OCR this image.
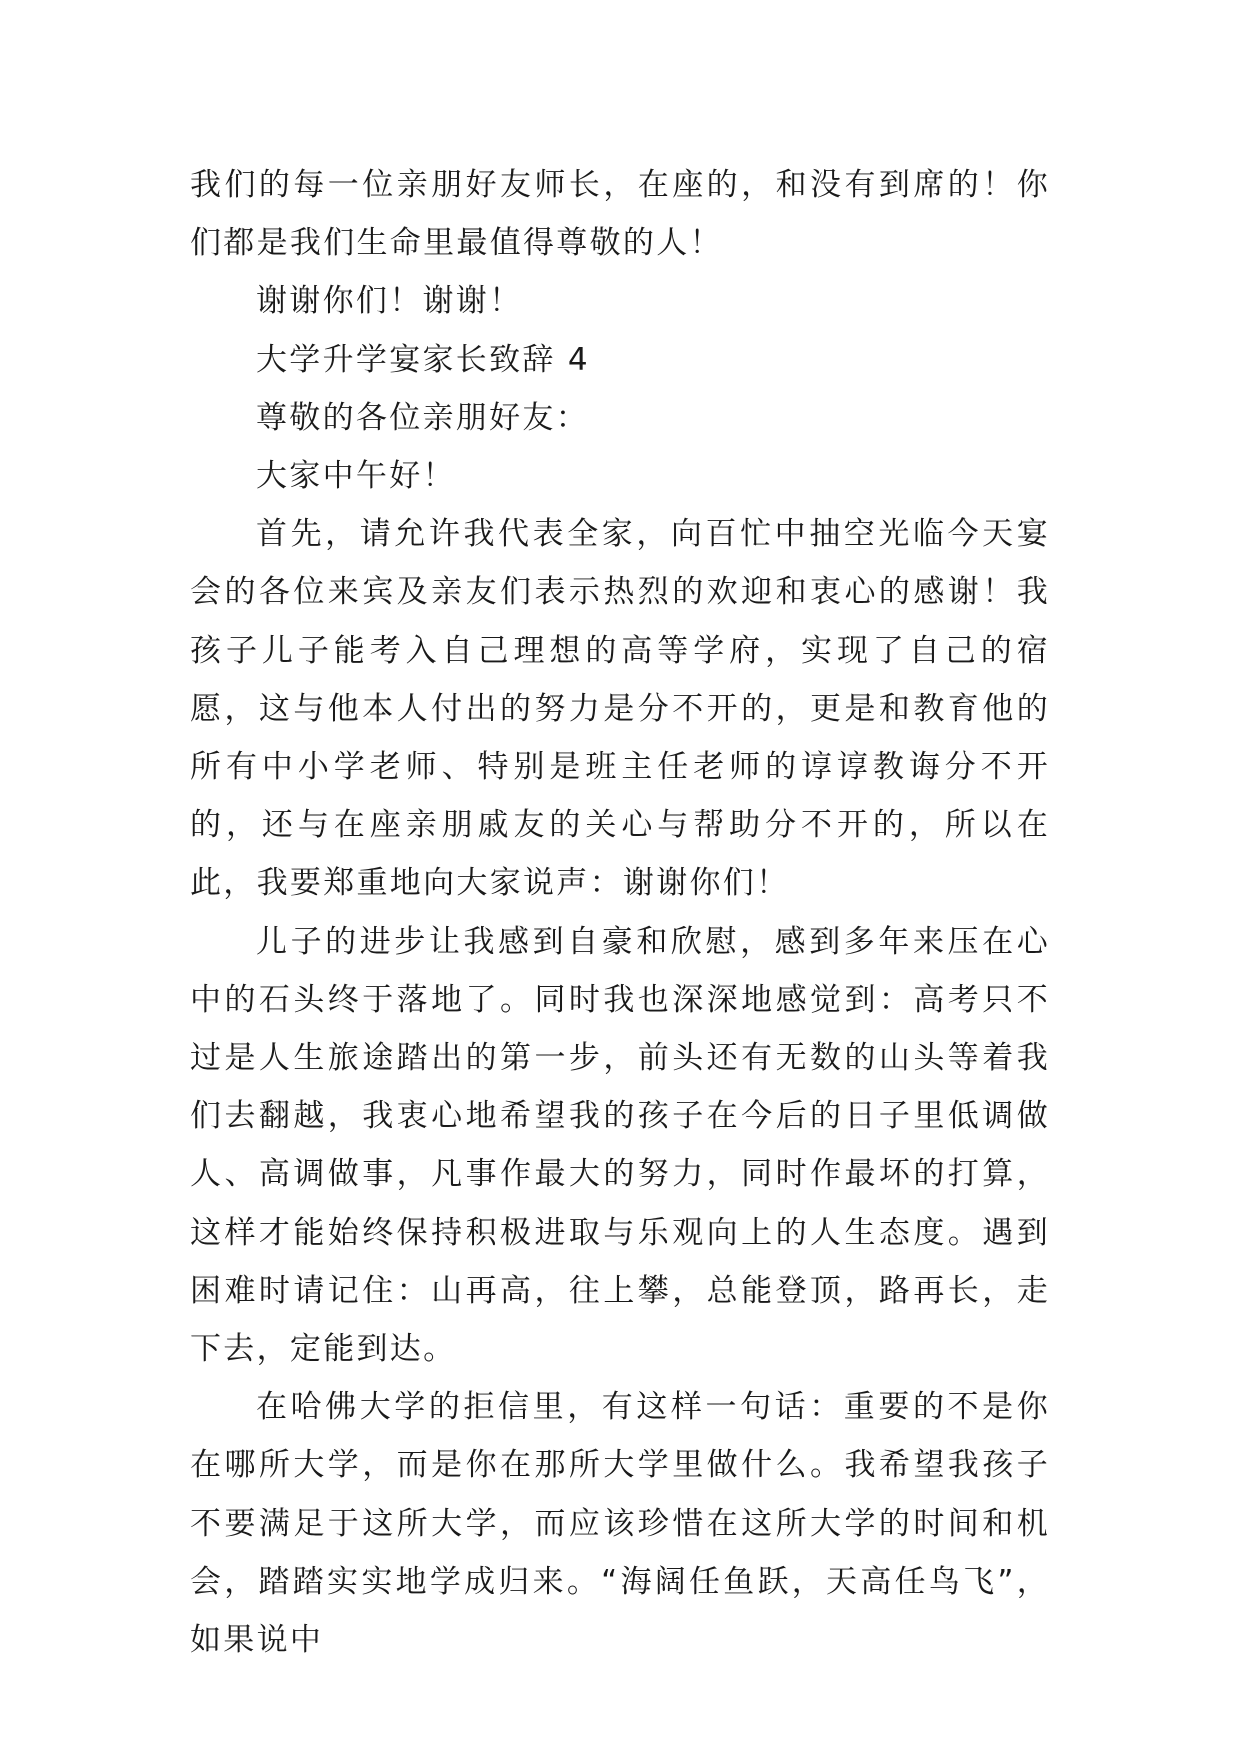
我们的每一位亲朋好友师长，在座的，和没有到席的！你们都是我们生命里最值得尊敬的人！

谢谢你们！谢谢！

大学升学宴家长致辞 4

尊敬的各位亲朋好友：

大家中午好！

首先，请允许我代表全家，向百忙中抽空光临今天宴会的各位来宾及亲友们表示热烈的欢迎和衷心的感谢！我孩子儿子能考入自己理想的高等学府，实现了自己的宿愿，这与他本人付出的努力是分不开的，更是和教育他的所有中小学老师、特别是班主任老师的谆谆教诲分不开的，还与在座亲朋戚友的关心与帮助分不开的，所以在此，我要郑重地向大家说声：谢谢你们！

儿子的进步让我感到自豪和欣慰，感到多年来压在心中的石头终于落地了。同时我也深深地感觉到：高考只不过是人生旅途踏出的第一步，前头还有无数的山头等着我们去翻越，我衷心地希望我的孩子在今后的日子里低调做人、高调做事，凡事作最大的努力，同时作最坏的打算，这样才能始终保持积极进取与乐观向上的人生态度。遇到困难时请记住：山再高，往上攀，总能登顶，路再长，走下去，定能到达。

在哈佛大学的拒信里，有这样一句话：重要的不是你在哪所大学，而是你在那所大学里做什么。我希望我孩子不要满足于这所大学，而应该珍惜在这所大学的时间和机会，踏踏实实地学成归来。“海阔任鱼跃，天高任鸟飞”，如果说中
